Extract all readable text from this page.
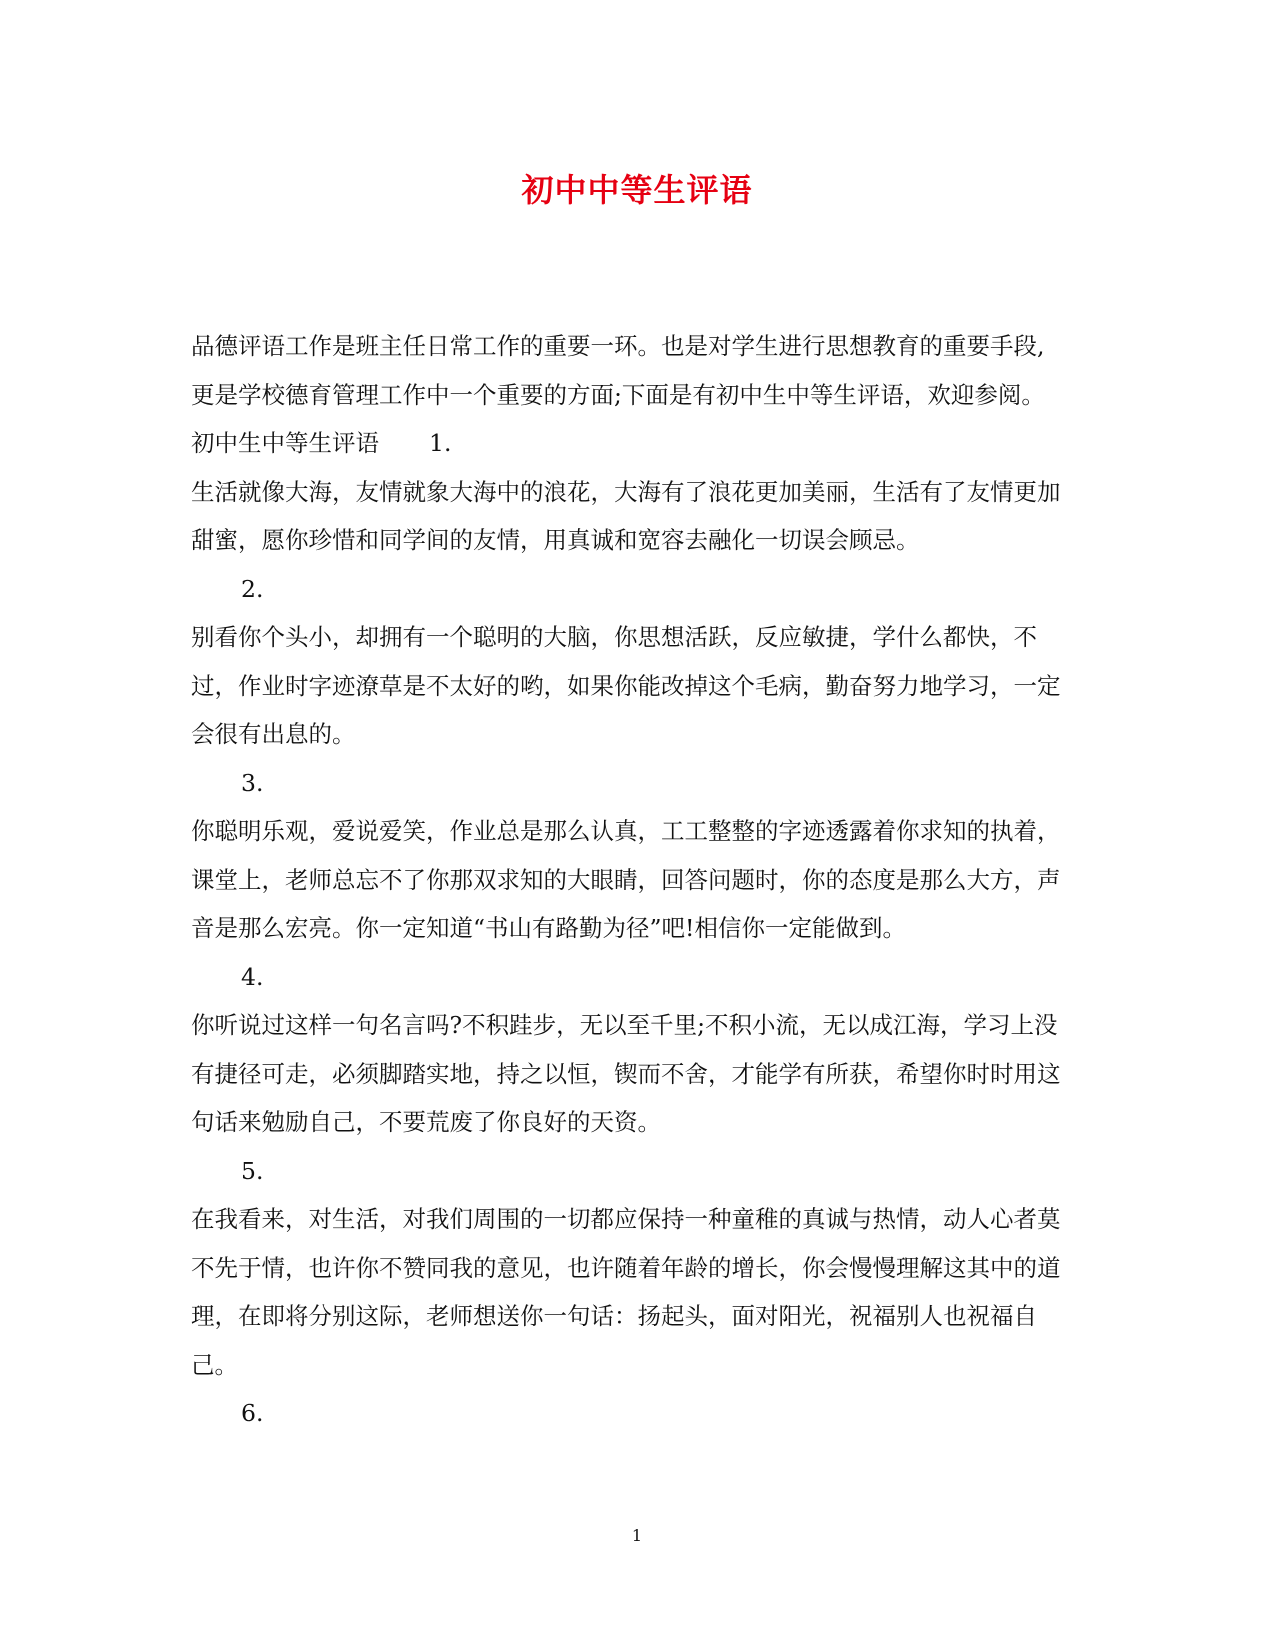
初中中等生评语

品德评语工作是班主任日常工作的重要一环。也是对学生进行思想教育的重要手段,更是学校德育管理工作中一个重要的方面;下面是有初中生中等生评语，欢迎参阅。

初中生中等生评语 1.

生活就像大海，友情就象大海中的浪花，大海有了浪花更加美丽，生活有了友情更加甜蜜，愿你珍惜和同学间的友情，用真诚和宽容去融化一切误会顾忌。

2.

别看你个头小，却拥有一个聪明的大脑，你思想活跃，反应敏捷，学什么都快，不过，作业时字迹潦草是不太好的哟，如果你能改掉这个毛病，勤奋努力地学习，一定会很有出息的。

3.

你聪明乐观，爱说爱笑，作业总是那么认真，工工整整的字迹透露着你求知的执着，课堂上，老师总忘不了你那双求知的大眼睛，回答问题时，你的态度是那么大方，声音是那么宏亮。你一定知道“书山有路勤为径”吧!相信你一定能做到。

4.

你听说过这样一句名言吗?不积跬步，无以至千里;不积小流，无以成江海，学习上没有捷径可走，必须脚踏实地，持之以恒，锲而不舍，才能学有所获，希望你时时用这句话来勉励自己，不要荒废了你良好的天资。

5.

在我看来，对生活，对我们周围的一切都应保持一种童稚的真诚与热情，动人心者莫不先于情，也许你不赞同我的意见，也许随着年龄的增长，你会慢慢理解这其中的道理，在即将分别这际，老师想送你一句话：扬起头，面对阳光，祝福别人也祝福自己。

6.

1
